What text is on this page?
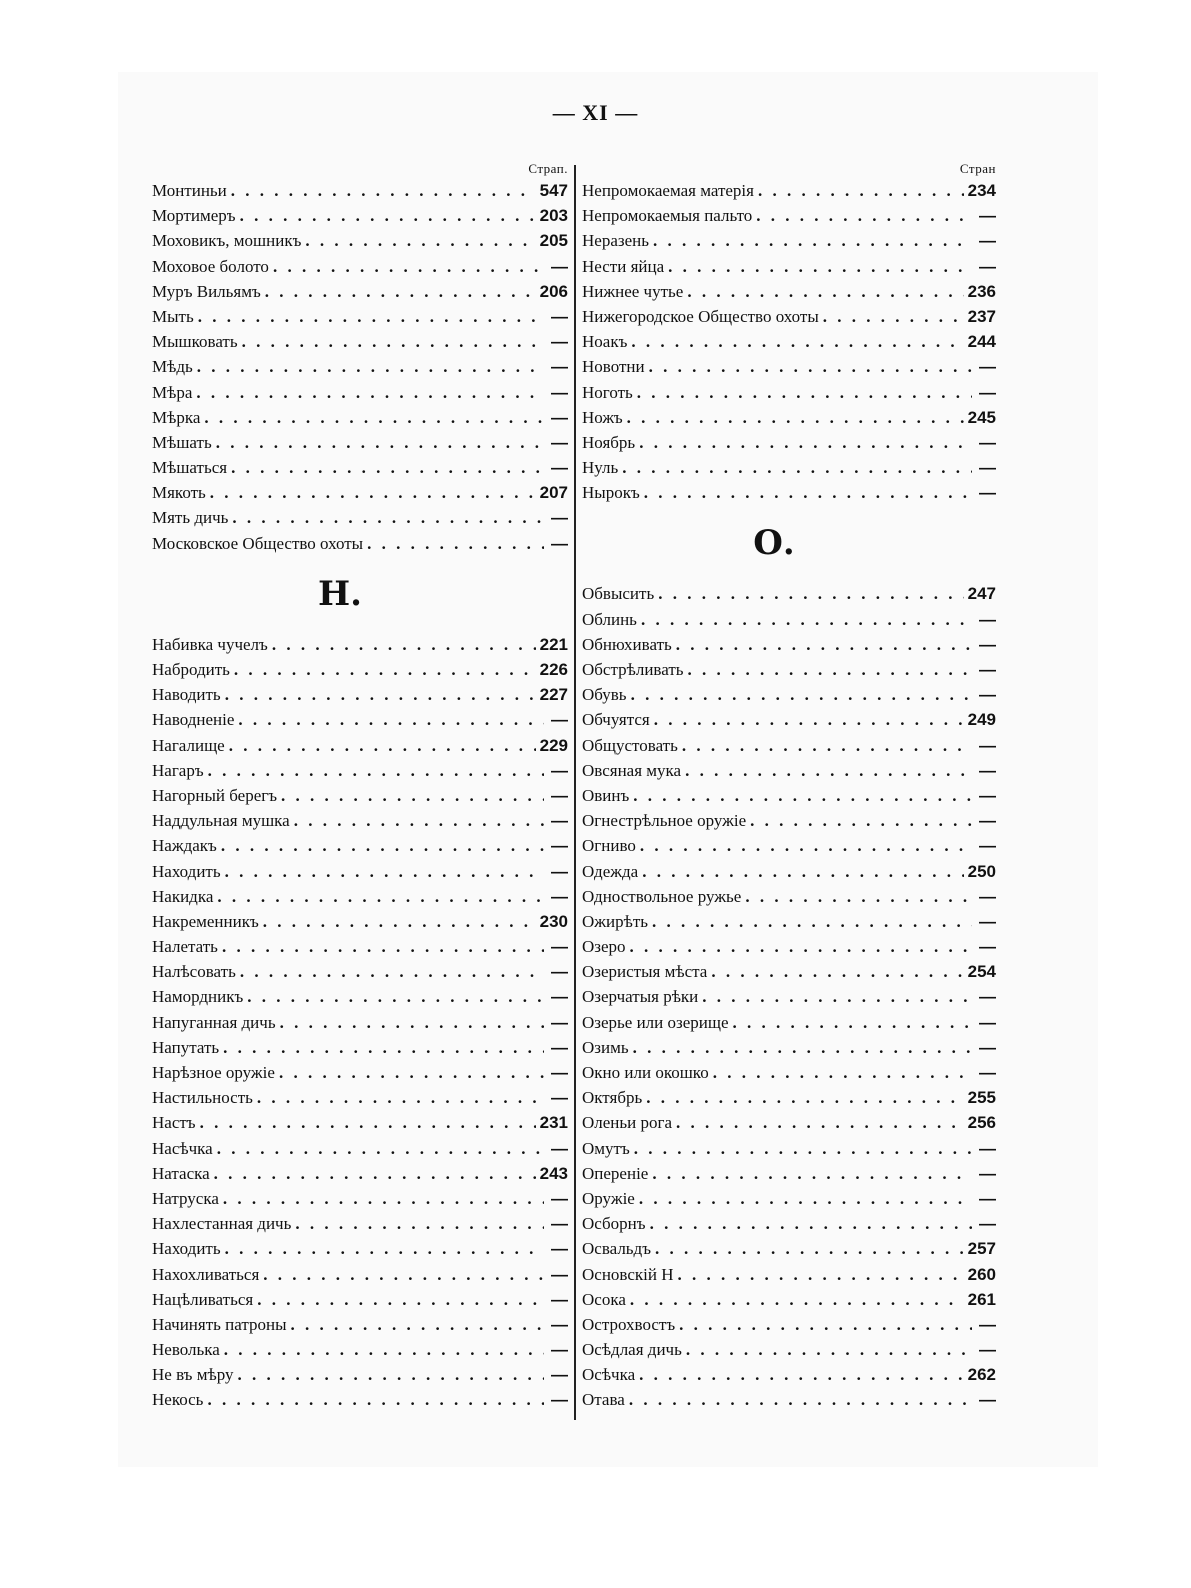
— XI —
Страп.
Монтиньи . . .	547
Мортимеръ . . .	203
Моховикъ, мошникъ . . .	205
Моховое болото . . .	—
Муръ Вильямъ . . .	206
Мыть . . .	—
Мышковать . . .	—
Мѣдь . . .	—
Мѣра . . .	—
Мѣрка . . .	—
Мѣшать . . .	—
Мѣшаться . . .	—
Мякоть . . .	207
Мять дичь . . .	—
Московское Общество охоты . . .	—
Н.
Набивка чучелъ . . .	221
Набродить . . .	226
Наводить . . .	227
Наводненіе . . .	—
Нагалище . . .	229
Нагаръ . . .	—
Нагорный берегъ . . .	—
Наддульная мушка . . .	—
Наждакъ . . .	—
Находить . . .	—
Накидка . . .	—
Накременникъ . . .	230
Налетать . . .	—
Налѣсовать . . .	—
Намордникъ . . .	—
Напуганная дичь . . .	—
Напутать . . .	—
Нарѣзное оружіе . . .	—
Настильность . . .	—
Настъ . . .	231
Насѣчка . . .	—
Натаска . . .	243
Натруска . . .	—
Нахлестанная дичь . . .	—
Находить . . .	—
Нахохливаться . . .	—
Нацѣливаться . . .	—
Начинять патроны . . .	—
Неволька . . .	—
Не въ мѣру . . .	—
Некось . . .	—
Стран
Непромокаемая матерія . . .	234
Непромокаемыя пальто . . .	—
Неразень . . .	—
Нести яйца . . .	—
Нижнее чутье . . .	236
Нижегородское Общество охоты . . .	237
Ноакъ . . .	244
Новотни . . .	—
Ноготь . . .	—
Ножъ . . .	245
Ноябрь . . .	—
Нуль . . .	—
Нырокъ . . .	—
О.
Обвысить . . .	247
Облинь . . .	—
Обнюхивать . . .	—
Обстрѣливать . . .	—
Обувь . . .	—
Обчуятся . . .	249
Общустовать . . .	—
Овсяная мука . . .	—
Овинъ . . .	—
Огнестрѣльное оружіе . . .	—
Огниво . . .	—
Одежда . . .	250
Одноствольное ружье . . .	—
Ожирѣть . . .	—
Озеро . . .	—
Озеристыя мѣста . . .	254
Озерчатыя рѣки . . .	—
Озерье или озерище . . .	—
Озимь . . .	—
Окно или окошко . . .	—
Октябрь . . .	255
Оленьи рога . . .	256
Омутъ . . .	—
Опереніе . . .	—
Оружіе . . .	—
Осборнъ . . .	—
Освальдъ . . .	257
Основскій Н . . .	260
Осока . . .	261
Острохвостъ . . .	—
Осѣдлая дичь . . .	—
Осѣчка . . .	262
Отава . . .	—
